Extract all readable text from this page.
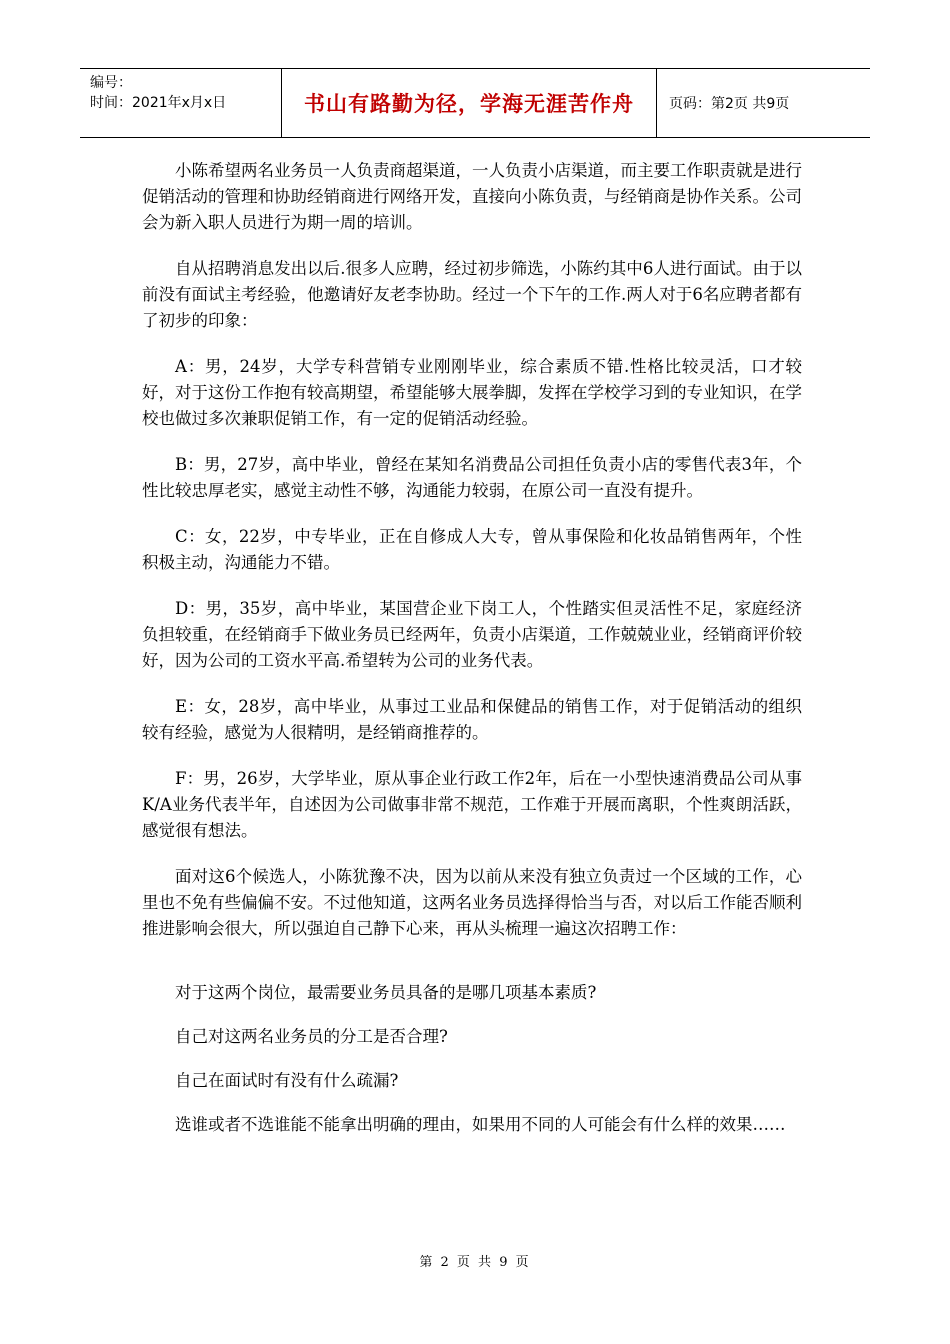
编号：
时间：2021年x月x日	书山有路勤为径，学海无涯苦作舟	页码：第2页 共9页

小陈希望两名业务员一人负责商超渠道，一人负责小店渠道，而主要工作职责就是进行促销活动的管理和协助经销商进行网络开发，直接向小陈负责，与经销商是协作关系。公司会为新入职人员进行为期一周的培训。

自从招聘消息发出以后.很多人应聘，经过初步筛选，小陈约其中6人进行面试。由于以前没有面试主考经验，他邀请好友老李协助。经过一个下午的工作.两人对于6名应聘者都有了初步的印象：

A：男，24岁，大学专科营销专业刚刚毕业，综合素质不错.性格比较灵活，口才较好，对于这份工作抱有较高期望，希望能够大展拳脚，发挥在学校学习到的专业知识，在学校也做过多次兼职促销工作，有一定的促销活动经验。

B：男，27岁，高中毕业，曾经在某知名消费品公司担任负责小店的零售代表3年，个性比较忠厚老实，感觉主动性不够，沟通能力较弱，在原公司一直没有提升。

C：女，22岁，中专毕业，正在自修成人大专，曾从事保险和化妆品销售两年，个性积极主动，沟通能力不错。

D：男，35岁，高中毕业，某国营企业下岗工人，个性踏实但灵活性不足，家庭经济负担较重，在经销商手下做业务员已经两年，负责小店渠道，工作兢兢业业，经销商评价较好，因为公司的工资水平高.希望转为公司的业务代表。

E：女，28岁，高中毕业，从事过工业品和保健品的销售工作，对于促销活动的组织较有经验，感觉为人很精明，是经销商推荐的。

F：男，26岁，大学毕业，原从事企业行政工作2年，后在一小型快速消费品公司从事K/A业务代表半年，自述因为公司做事非常不规范，工作难于开展而离职，个性爽朗活跃，感觉很有想法。

面对这6个候选人，小陈犹豫不决，因为以前从来没有独立负责过一个区域的工作，心里也不免有些偏偏不安。不过他知道，这两名业务员选择得恰当与否，对以后工作能否顺利推进影响会很大，所以强迫自己静下心来，再从头梳理一遍这次招聘工作：

对于这两个岗位，最需要业务员具备的是哪几项基本素质?

自己对这两名业务员的分工是否合理?

自己在面试时有没有什么疏漏?

选谁或者不选谁能不能拿出明确的理由，如果用不同的人可能会有什么样的效果……

第 2 页 共 9 页
